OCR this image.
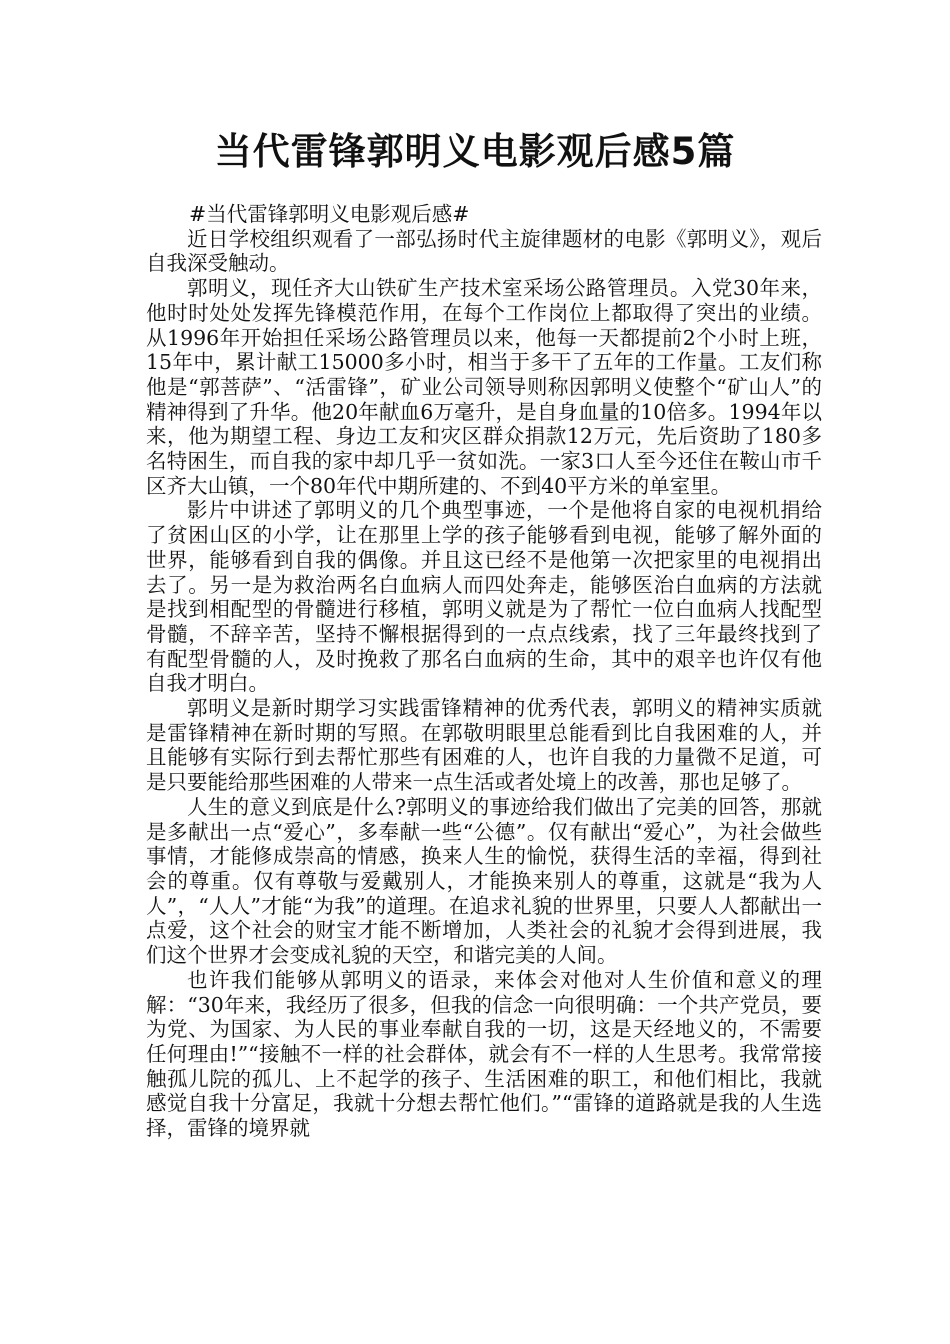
当代雷锋郭明义电影观后感5篇

#当代雷锋郭明义电影观后感#

近日学校组织观看了一部弘扬时代主旋律题材的电影《郭明义》，观后自我深受触动。

郭明义，现任齐大山铁矿生产技术室采场公路管理员。入党30年来，他时时处处发挥先锋模范作用，在每个工作岗位上都取得了突出的业绩。从1996年开始担任采场公路管理员以来，他每一天都提前2个小时上班，15年中，累计献工15000多小时，相当于多干了五年的工作量。工友们称他是“郭菩萨”、“活雷锋”，矿业公司领导则称因郭明义使整个“矿山人”的精神得到了升华。他20年献血6万毫升，是自身血量的10倍多。1994年以来，他为期望工程、身边工友和灾区群众捐款12万元，先后资助了180多名特困生，而自我的家中却几乎一贫如洗。一家3口人至今还住在鞍山市千区齐大山镇，一个80年代中期所建的、不到40平方米的单室里。

影片中讲述了郭明义的几个典型事迹，一个是他将自家的电视机捐给了贫困山区的小学，让在那里上学的孩子能够看到电视，能够了解外面的世界，能够看到自我的偶像。并且这已经不是他第一次把家里的电视捐出去了。另一是为救治两名白血病人而四处奔走，能够医治白血病的方法就是找到相配型的骨髓进行移植，郭明义就是为了帮忙一位白血病人找配型骨髓，不辞辛苦，坚持不懈根据得到的一点点线索，找了三年最终找到了有配型骨髓的人，及时挽救了那名白血病的生命，其中的艰辛也许仅有他自我才明白。

郭明义是新时期学习实践雷锋精神的优秀代表，郭明义的精神实质就是雷锋精神在新时期的写照。在郭敬明眼里总能看到比自我困难的人，并且能够有实际行到去帮忙那些有困难的人，也许自我的力量微不足道，可是只要能给那些困难的人带来一点生活或者处境上的改善，那也足够了。

人生的意义到底是什么?郭明义的事迹给我们做出了完美的回答，那就是多献出一点“爱心”，多奉献一些“公德”。仅有献出“爱心”，为社会做些事情，才能修成崇高的情感，换来人生的愉悦，获得生活的幸福，得到社会的尊重。仅有尊敬与爱戴别人，才能换来别人的尊重，这就是“我为人人”，“人人”才能“为我”的道理。在追求礼貌的世界里，只要人人都献出一点爱，这个社会的财宝才能不断增加，人类社会的礼貌才会得到进展，我们这个世界才会变成礼貌的天空，和谐完美的人间。

也许我们能够从郭明义的语录，来体会对他对人生价值和意义的理解：“30年来，我经历了很多，但我的信念一向很明确：一个共产党员，要为党、为国家、为人民的事业奉献自我的一切，这是天经地义的，不需要任何理由!”“接触不一样的社会群体，就会有不一样的人生思考。我常常接触孤儿院的孤儿、上不起学的孩子、生活困难的职工，和他们相比，我就感觉自我十分富足，我就十分想去帮忙他们。”“雷锋的道路就是我的人生选择，雷锋的境界就
